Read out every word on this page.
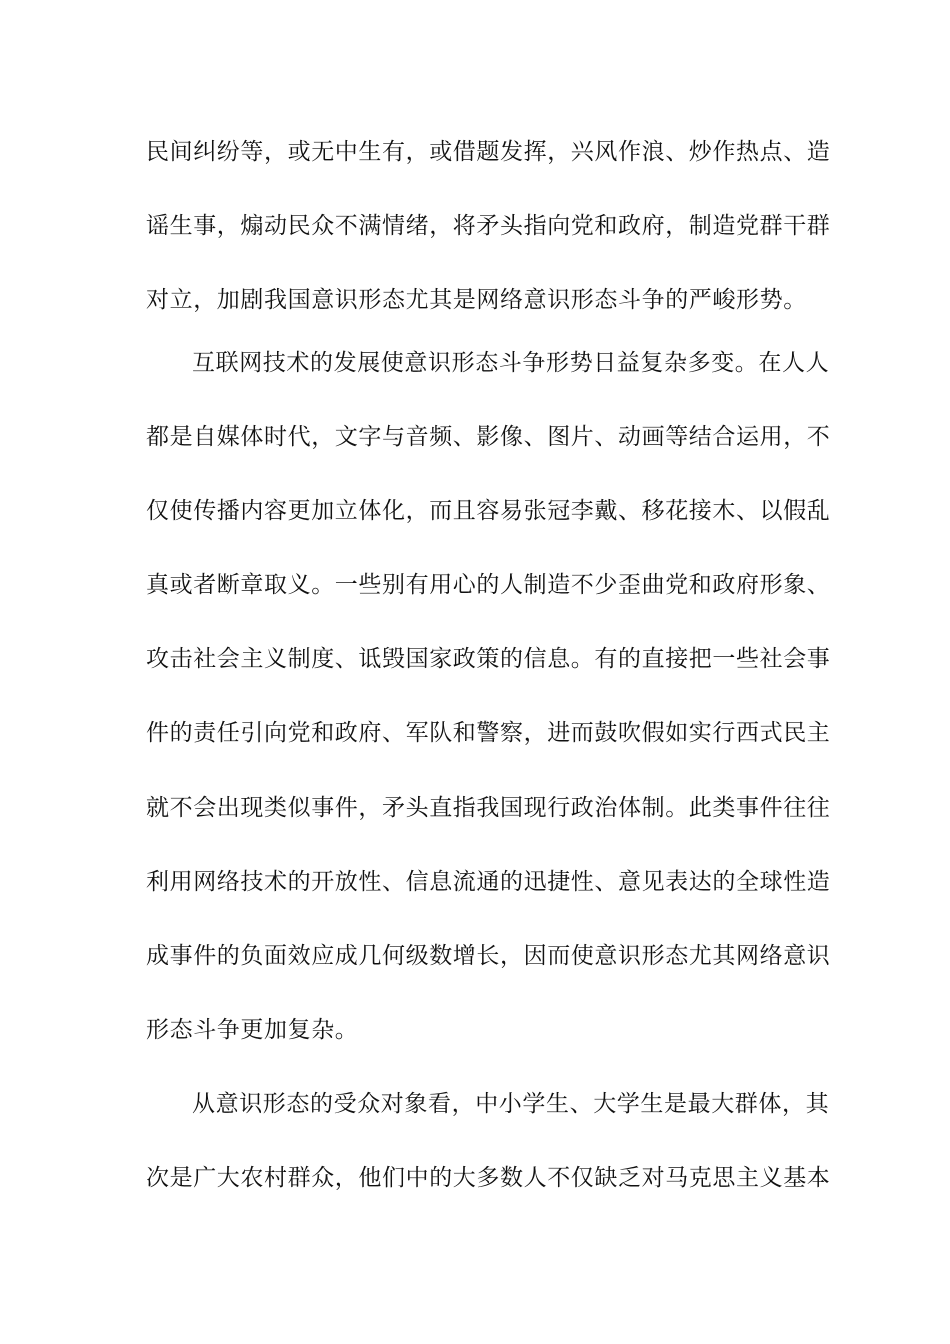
民间纠纷等，或无中生有，或借题发挥，兴风作浪、炒作热点、造
谣生事，煽动民众不满情绪，将矛头指向党和政府，制造党群干群
对立，加剧我国意识形态尤其是网络意识形态斗争的严峻形势。
互联网技术的发展使意识形态斗争形势日益复杂多变。在人人
都是自媒体时代，文字与音频、影像、图片、动画等结合运用，不
仅使传播内容更加立体化，而且容易张冠李戴、移花接木、以假乱
真或者断章取义。一些别有用心的人制造不少歪曲党和政府形象、
攻击社会主义制度、诋毁国家政策的信息。有的直接把一些社会事
件的责任引向党和政府、军队和警察，进而鼓吹假如实行西式民主
就不会出现类似事件，矛头直指我国现行政治体制。此类事件往往
利用网络技术的开放性、信息流通的迅捷性、意见表达的全球性造
成事件的负面效应成几何级数增长，因而使意识形态尤其网络意识
形态斗争更加复杂。
从意识形态的受众对象看，中小学生、大学生是最大群体，其
次是广大农村群众，他们中的大多数人不仅缺乏对马克思主义基本
